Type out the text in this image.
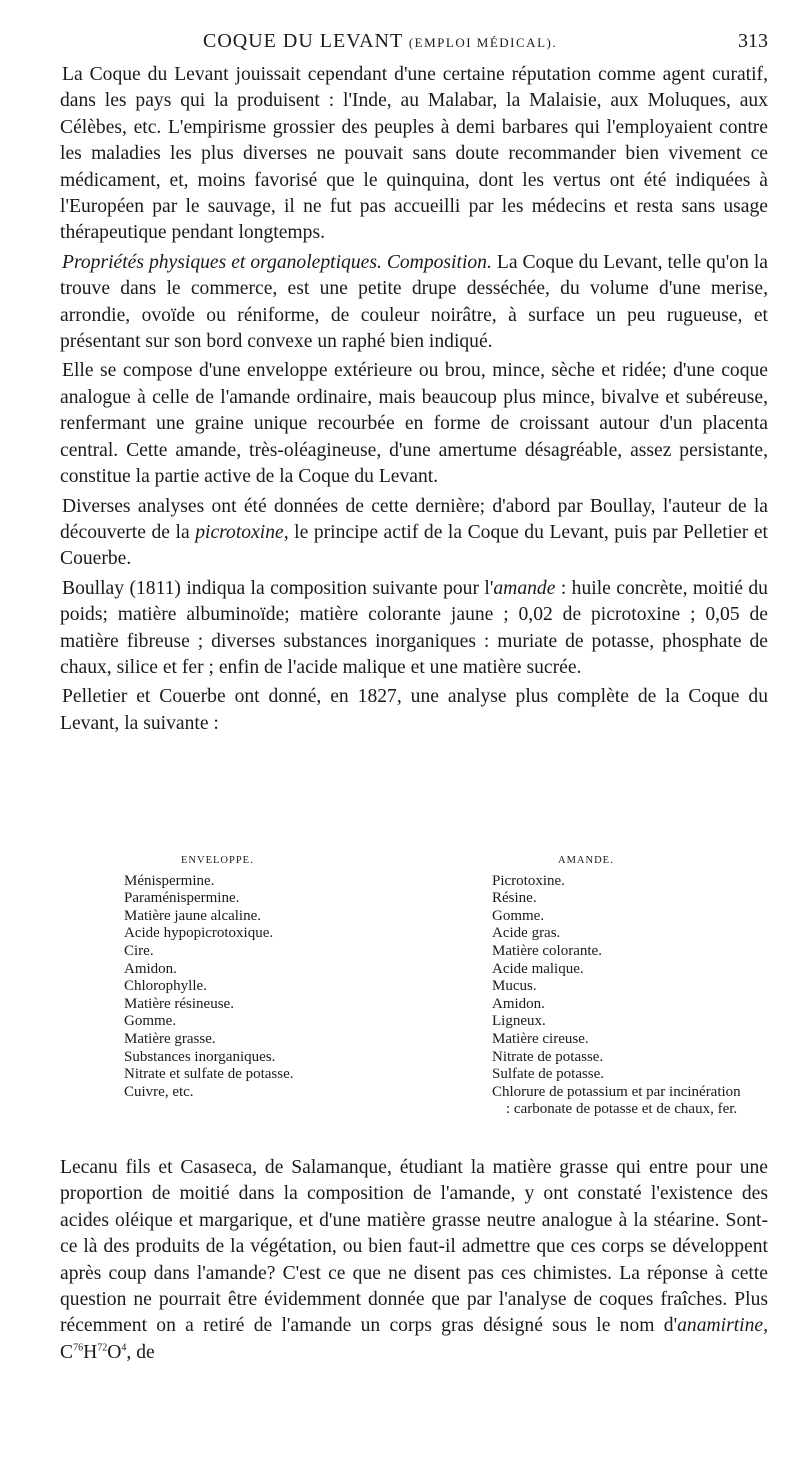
COQUE DU LEVANT (EMPLOI MÉDICAL).	313

La Coque du Levant jouissait cependant d'une certaine réputation comme agent curatif, dans les pays qui la produisent : l'Inde, au Malabar, la Malaisie, aux Moluques, aux Célèbes, etc. L'empirisme grossier des peuples à demi barbares qui l'employaient contre les maladies les plus diverses ne pouvait sans doute recommander bien vivement ce médicament, et, moins favorisé que le quinquina, dont les vertus ont été indiquées à l'Européen par le sauvage, il ne fut pas accueilli par les médecins et resta sans usage thérapeutique pendant longtemps.

Propriétés physiques et organoleptiques. Composition. La Coque du Levant, telle qu'on la trouve dans le commerce, est une petite drupe desséchée, du volume d'une merise, arrondie, ovoïde ou réniforme, de couleur noirâtre, à surface un peu rugueuse, et présentant sur son bord convexe un raphé bien indiqué.

Elle se compose d'une enveloppe extérieure ou brou, mince, sèche et ridée; d'une coque analogue à celle de l'amande ordinaire, mais beaucoup plus mince, bivalve et subéreuse, renfermant une graine unique recourbée en forme de croissant autour d'un placenta central. Cette amande, très-oléagineuse, d'une amertume désagréable, assez persistante, constitue la partie active de la Coque du Levant.

Diverses analyses ont été données de cette dernière; d'abord par Boullay, l'auteur de la découverte de la picrotoxine, le principe actif de la Coque du Levant, puis par Pelletier et Couerbe.

Boullay (1811) indiqua la composition suivante pour l'amande : huile concrète, moitié du poids; matière albuminoïde; matière colorante jaune ; 0,02 de picrotoxine ; 0,05 de matière fibreuse ; diverses substances inorganiques : muriate de potasse, phosphate de chaux, silice et fer ; enfin de l'acide malique et une matière sucrée.

Pelletier et Couerbe ont donné, en 1827, une analyse plus complète de la Coque du Levant, la suivante :

ENVELOPPE.
Ménispermine.
Paraménispermine.
Matière jaune alcaline.
Acide hypopicrotoxique.
Cire.
Amidon.
Chlorophylle.
Matière résineuse.
Gomme.
Matière grasse.
Substances inorganiques.
Nitrate et sulfate de potasse.
Cuivre, etc.
AMANDE.
Picrotoxine.
Résine.
Gomme.
Acide gras.
Matière colorante.
Acide malique.
Mucus.
Amidon.
Ligneux.
Matière cireuse.
Nitrate de potasse.
Sulfate de potasse.
Chlorure de potassium et par incinération : carbonate de potasse et de chaux, fer.

Lecanu fils et Casaseca, de Salamanque, étudiant la matière grasse qui entre pour une proportion de moitié dans la composition de l'amande, y ont constaté l'existence des acides oléique et margarique, et d'une matière grasse neutre analogue à la stéarine. Sont-ce là des produits de la végétation, ou bien faut-il admettre que ces corps se développent après coup dans l'amande? C'est ce que ne disent pas ces chimistes. La réponse à cette question ne pourrait être évidemment donnée que par l'analyse de coques fraîches. Plus récemment on a retiré de l'amande un corps gras désigné sous le nom d'anamirtine, $C^{76}H^{72}O^4$, de
